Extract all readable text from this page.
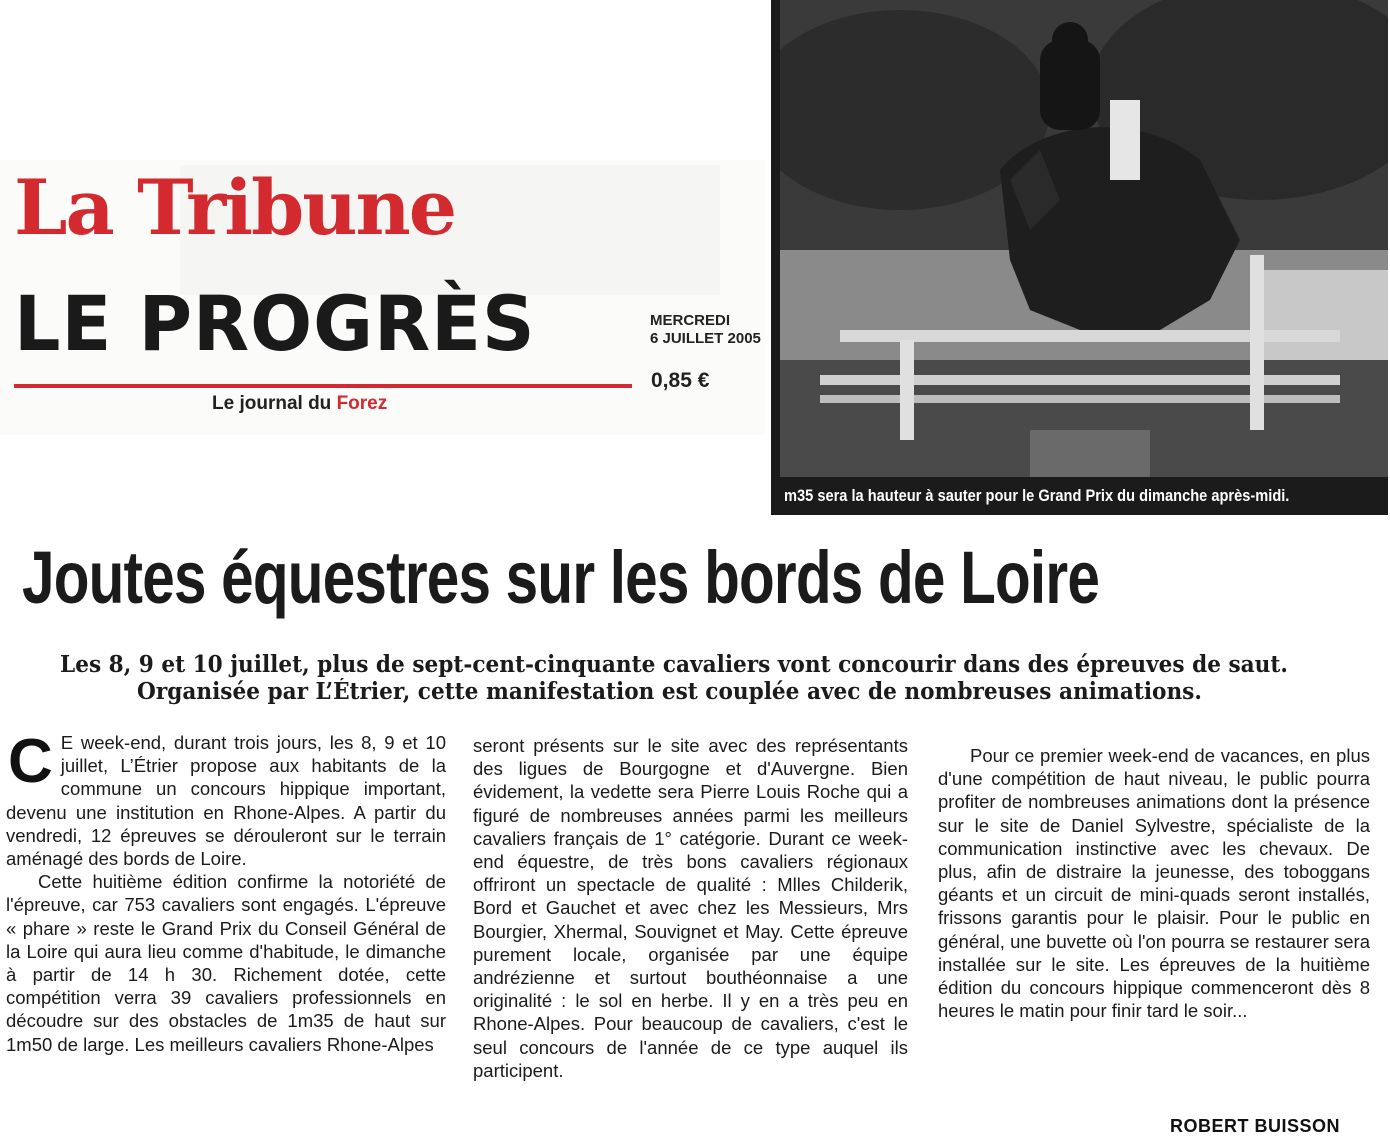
La Tribune
LE PROGRÈS	MERCREDI
6 JUILLET 2005
0,85 €
Le journal du Forez
m35 sera la hauteur à sauter pour le Grand Prix du dimanche après-midi.
Joutes équestres sur les bords de Loire
Les 8, 9 et 10 juillet, plus de sept-cent-cinquante cavaliers vont concourir dans des épreuves de saut.
Organisée par L’Étrier, cette manifestation est couplée avec de nombreuses animations.

C E week-end, durant trois jours, les 8, 9 et 10 juillet, L’Étrier propose aux habitants de la commune un concours hippique important, devenu une institution en Rhone-Alpes. A partir du vendredi, 12 épreuves se dérouleront sur le terrain aménagé des bords de Loire.

Cette huitième édition confirme la notoriété de l'épreuve, car 753 cavaliers sont engagés. L'épreuve « phare » reste le Grand Prix du Conseil Général de la Loire qui aura lieu comme d'habitude, le dimanche à partir de 14 h 30. Richement dotée, cette compétition verra 39 cavaliers professionnels en découdre sur des obstacles de 1m35 de haut sur 1m50 de large. Les meilleurs cavaliers Rhone-Alpes

seront présents sur le site avec des représentants des ligues de Bourgogne et d'Auvergne. Bien évidement, la vedette sera Pierre Louis Roche qui a figuré de nombreuses années parmi les meilleurs cavaliers français de 1° catégorie. Durant ce week-end équestre, de très bons cavaliers régionaux offriront un spectacle de qualité : Mlles Childerik, Bord et Gauchet et avec chez les Messieurs, Mrs Bourgier, Xhermal, Souvignet et May. Cette épreuve purement locale, organisée par une équipe andrézienne et surtout bouthéonnaise a une originalité : le sol en herbe. Il y en a très peu en Rhone-Alpes. Pour beaucoup de cavaliers, c'est le seul concours de l'année de ce type auquel ils participent.

Pour ce premier week-end de vacances, en plus d'une compétition de haut niveau, le public pourra profiter de nombreuses animations dont la présence sur le site de Daniel Sylvestre, spécialiste de la communication instinctive avec les chevaux. De plus, afin de distraire la jeunesse, des toboggans géants et un circuit de mini-quads seront installés, frissons garantis pour le plaisir. Pour le public en général, une buvette où l'on pourra se restaurer sera installée sur le site. Les épreuves de la huitième édition du concours hippique commenceront dès 8 heures le matin pour finir tard le soir...

ROBERT BUISSON
